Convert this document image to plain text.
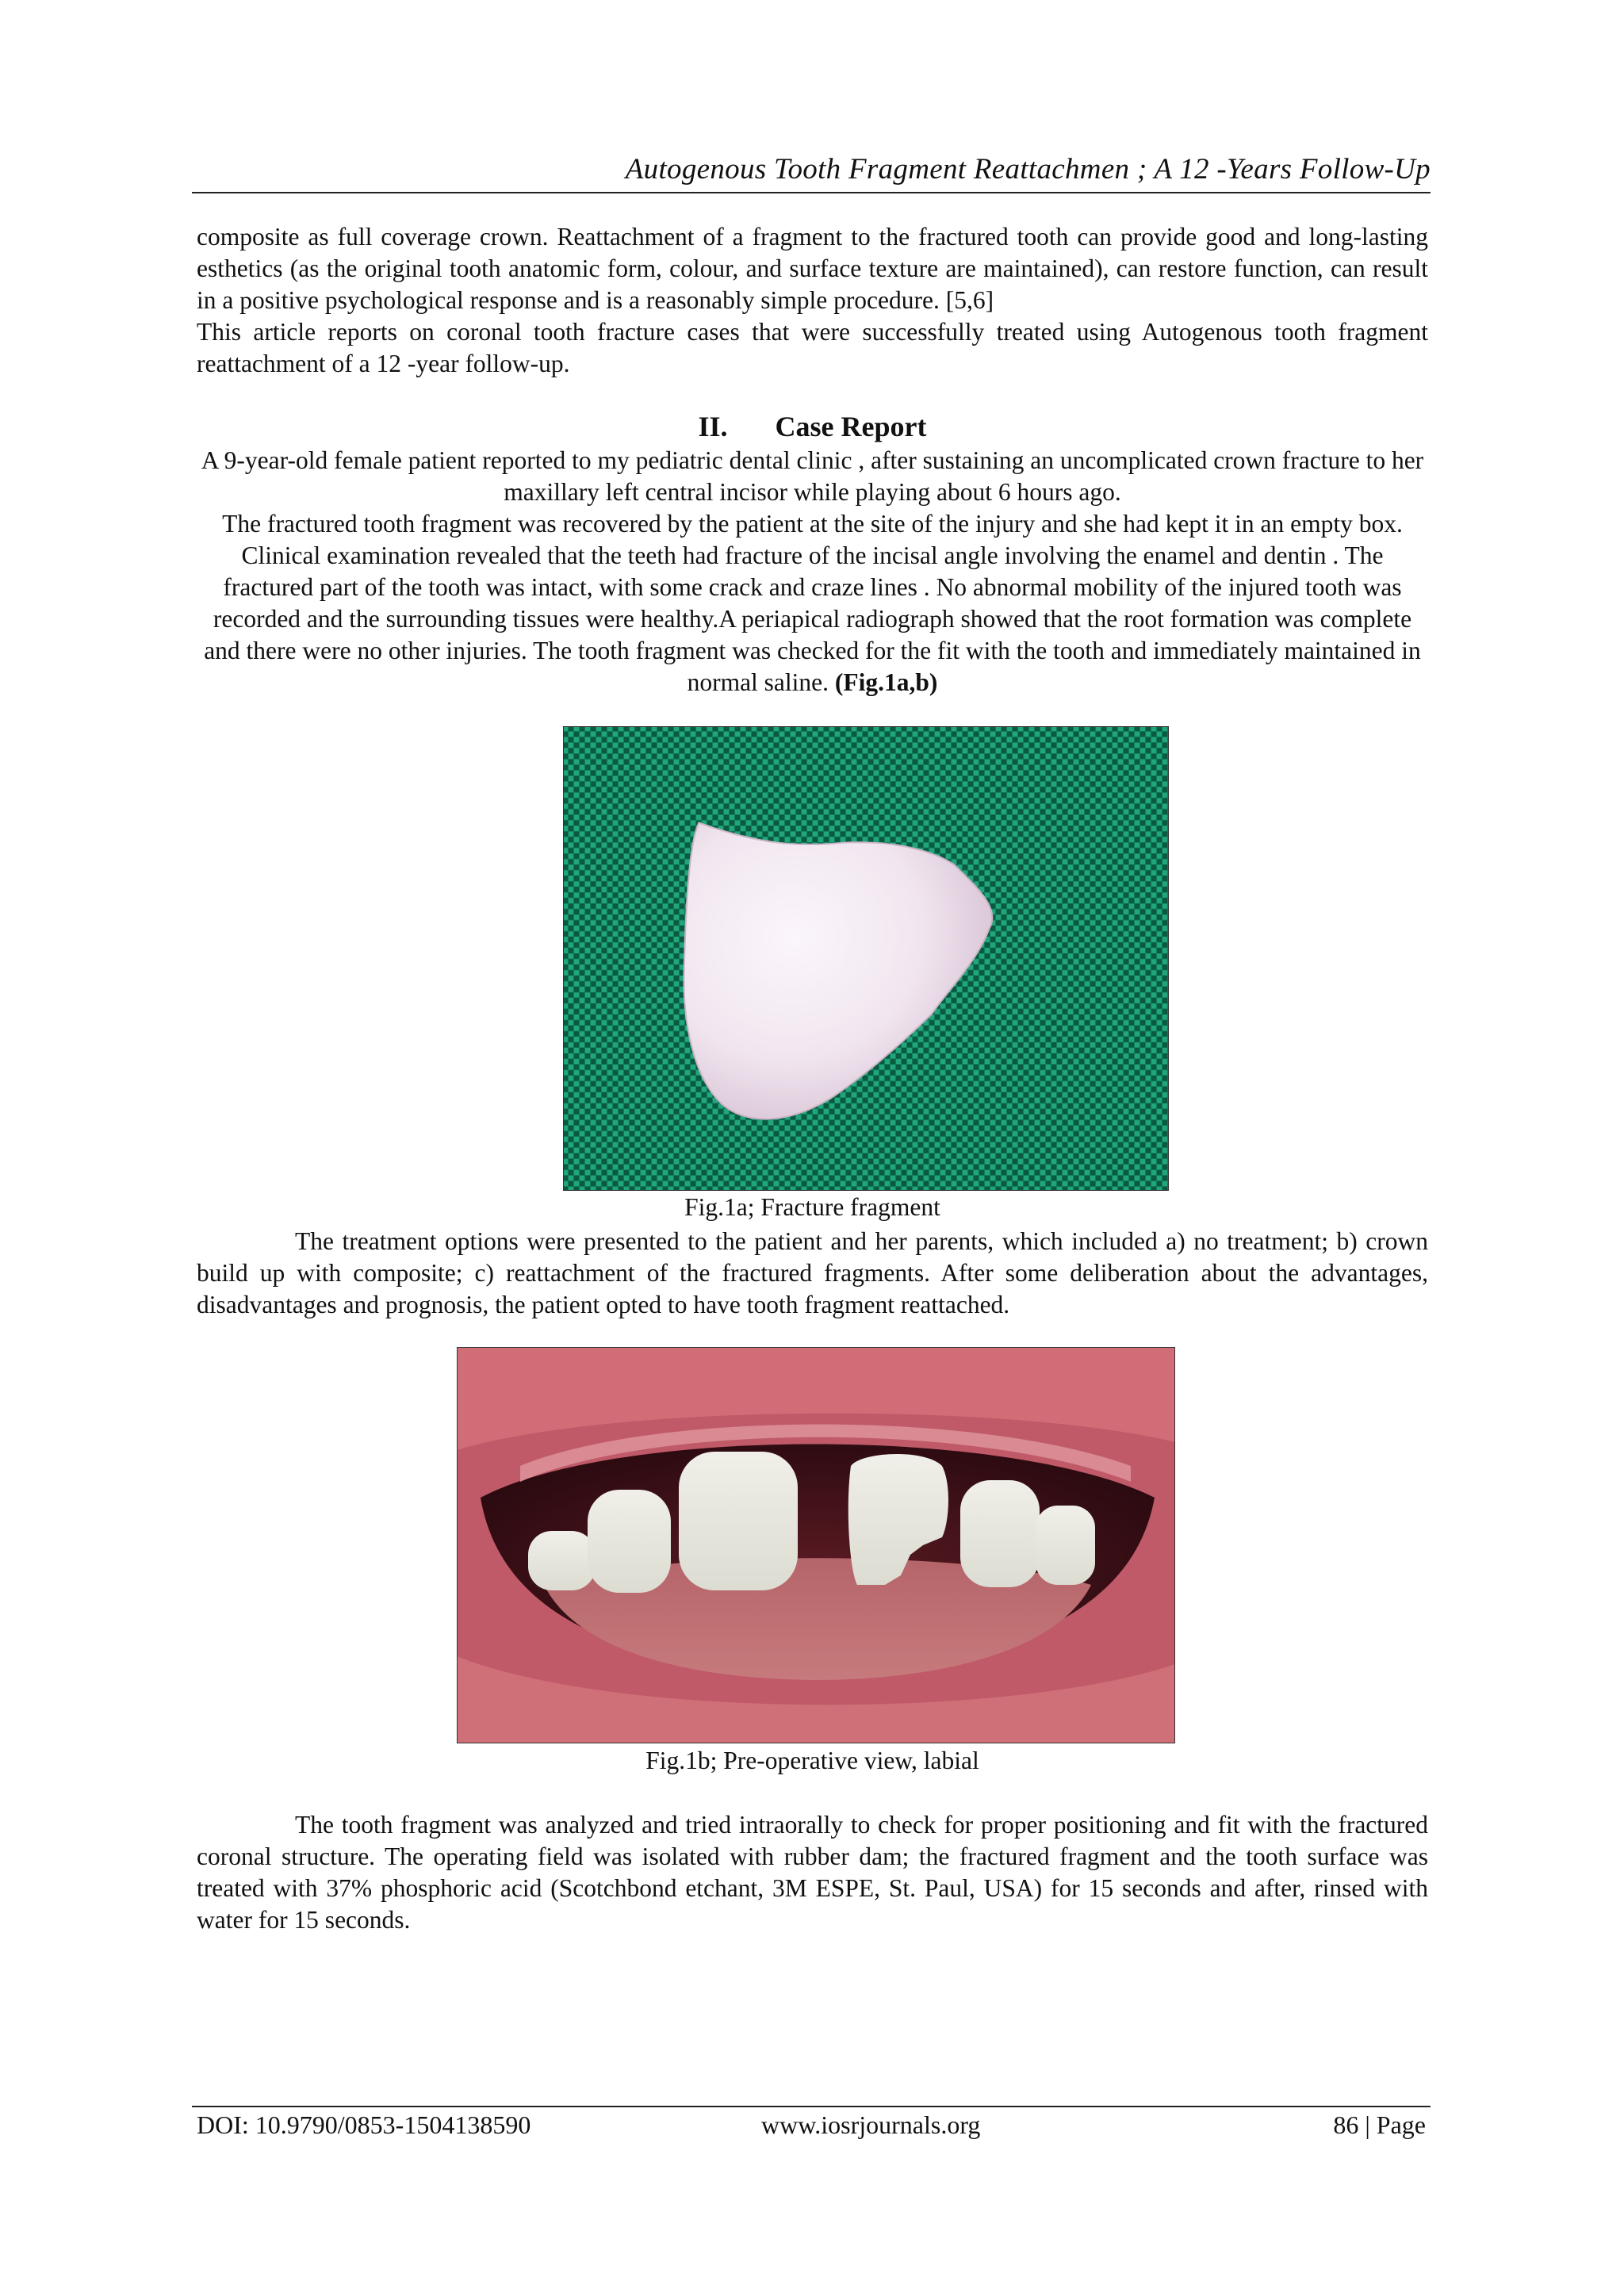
Autogenous Tooth Fragment Reattachmen ; A 12 -Years Follow-Up

composite as full coverage crown. Reattachment of a fragment to the fractured tooth can provide good and long-lasting esthetics (as the original tooth anatomic form, colour, and surface texture are maintained), can restore function, can result in a positive psychological response and is a reasonably simple procedure. [5,6]

This article reports on coronal tooth fracture cases that were successfully treated using Autogenous tooth fragment reattachment of a 12 -year follow-up.

II. Case Report

A 9-year-old female patient reported to my pediatric dental clinic , after sustaining an uncomplicated crown fracture to her maxillary left central incisor while playing about 6 hours ago.

The fractured tooth fragment was recovered by the patient at the site of the injury and she had kept it in an empty box. Clinical examination revealed that the teeth had fracture of the incisal angle involving the enamel and dentin . The fractured part of the tooth was intact, with some crack and craze lines . No abnormal mobility of the injured tooth was recorded and the surrounding tissues were healthy.A periapical radiograph showed that the root formation was complete and there were no other injuries. The tooth fragment was checked for the fit with the tooth and immediately maintained in normal saline. (Fig.1a,b)

Fig.1a; Fracture fragment

The treatment options were presented to the patient and her parents, which included a) no treatment; b) crown build up with composite; c) reattachment of the fractured fragments. After some deliberation about the advantages, disadvantages and prognosis, the patient opted to have tooth fragment reattached.

Fig.1b; Pre-operative view, labial

The tooth fragment was analyzed and tried intraorally to check for proper positioning and fit with the fractured coronal structure. The operating field was isolated with rubber dam; the fractured fragment and the tooth surface was treated with 37% phosphoric acid (Scotchbond etchant, 3M ESPE, St. Paul, USA) for 15 seconds and after, rinsed with water for 15 seconds.

DOI: 10.9790/0853-1504138590	www.iosrjournals.org	86 | Page
